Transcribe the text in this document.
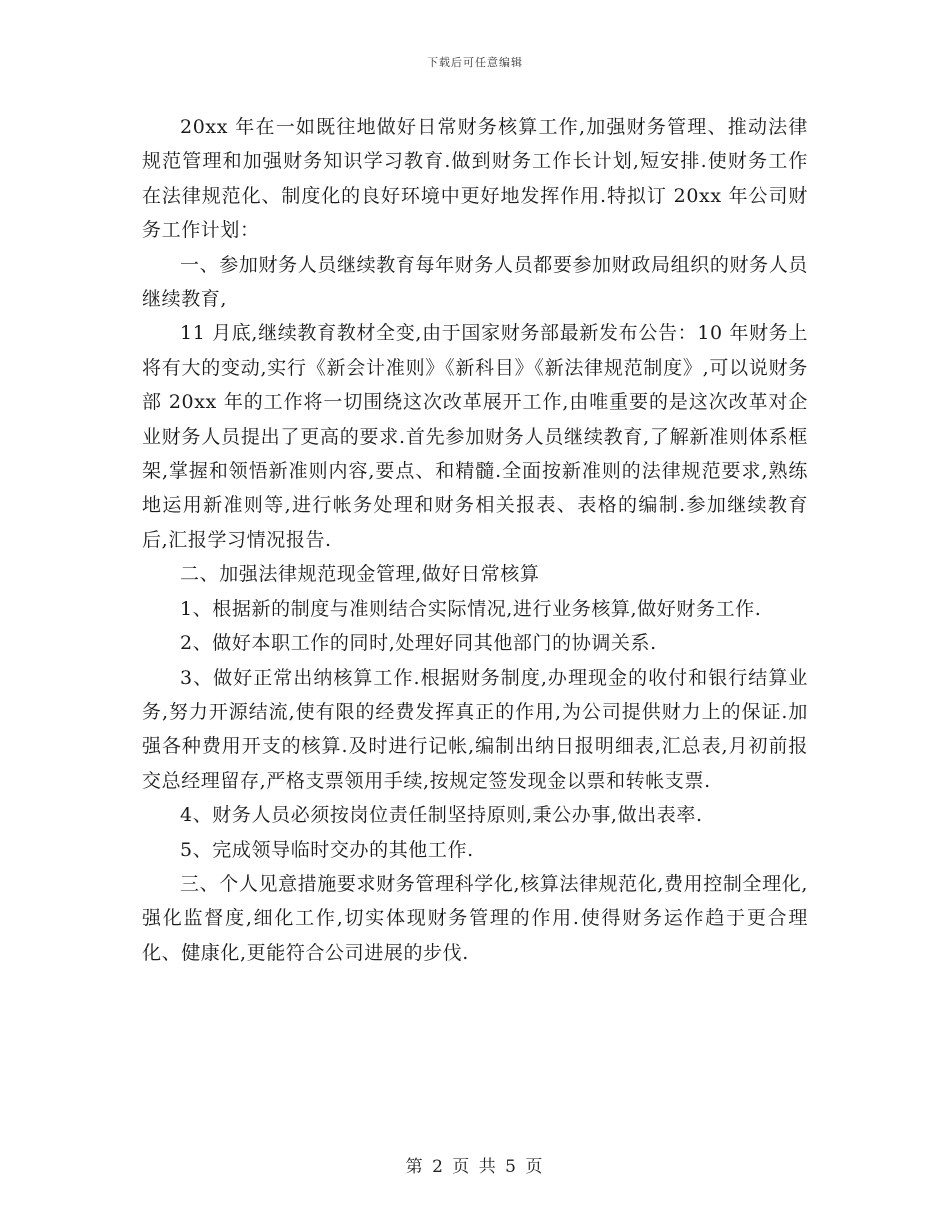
下载后可任意编辑

20xx 年在一如既往地做好日常财务核算工作,加强财务管理、推动法律规范管理和加强财务知识学习教育.做到财务工作长计划,短安排.使财务工作在法律规范化、制度化的良好环境中更好地发挥作用.特拟订 20xx 年公司财务工作计划：

一、参加财务人员继续教育每年财务人员都要参加财政局组织的财务人员继续教育,

11 月底,继续教育教材全变,由于国家财务部最新发布公告：10 年财务上将有大的变动,实行《新会计准则》《新科目》《新法律规范制度》,可以说财务部 20xx 年的工作将一切围绕这次改革展开工作,由唯重要的是这次改革对企业财务人员提出了更高的要求.首先参加财务人员继续教育,了解新准则体系框架,掌握和领悟新准则内容,要点、和精髓.全面按新准则的法律规范要求,熟练地运用新准则等,进行帐务处理和财务相关报表、表格的编制.参加继续教育后,汇报学习情况报告.

二、加强法律规范现金管理,做好日常核算

1、根据新的制度与准则结合实际情况,进行业务核算,做好财务工作.

2、做好本职工作的同时,处理好同其他部门的协调关系.

3、做好正常出纳核算工作.根据财务制度,办理现金的收付和银行结算业务,努力开源结流,使有限的经费发挥真正的作用,为公司提供财力上的保证.加强各种费用开支的核算.及时进行记帐,编制出纳日报明细表,汇总表,月初前报交总经理留存,严格支票领用手续,按规定签发现金以票和转帐支票.

4、财务人员必须按岗位责任制坚持原则,秉公办事,做出表率.

5、完成领导临时交办的其他工作.

三、个人见意措施要求财务管理科学化,核算法律规范化,费用控制全理化,强化监督度,细化工作,切实体现财务管理的作用.使得财务运作趋于更合理化、健康化,更能符合公司进展的步伐.

第 2 页 共 5 页
